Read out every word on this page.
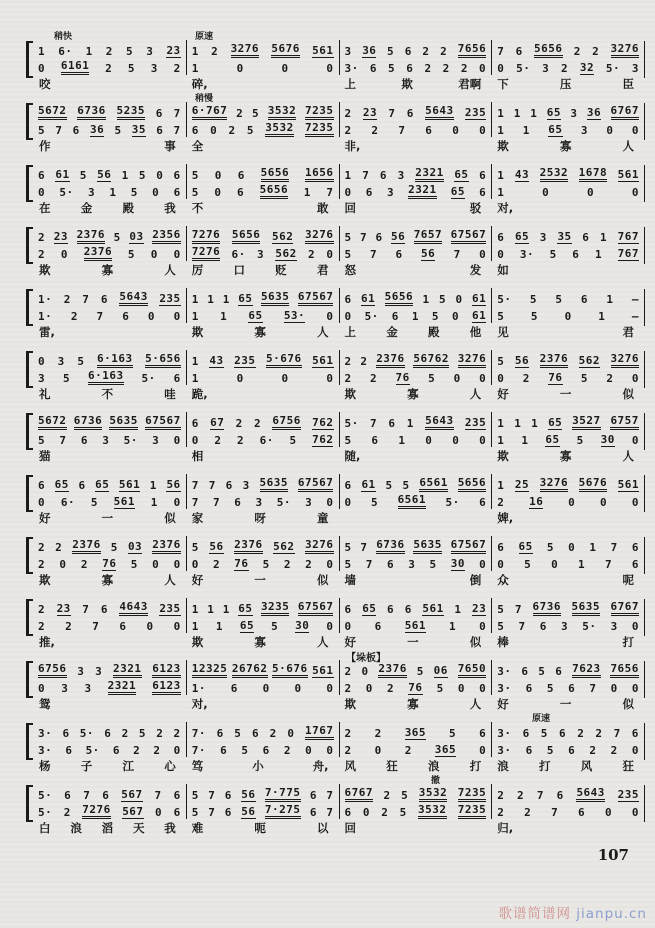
稍快	原速
1 6· 1 2 5 3 23
0 6161 2 5 3 2
咬
1 2 3276 5676 561
1	0	0	0
碎,
3 36 5 6 2 2 7656
3· 6 5 6 2 2 2 0
上	欺	君啊
7 6 5656 2 2 3276
0 5· 3 2 32 5· 3
下	压	臣
稍慢
5672 6736 5235 6 7
5 7 6 36 5 35 6 7
作	事
6·767 2 5 3532 7235
6 0 2 5 3532 7235
全
2 23 7 6 5643 235
2 2 7 6 0 0
非,
1 1 1 65 3 36 6767
1 1 65 3 0 0
欺	寡	人
6 61 5 56 1 5 0 6
0 5· 3 1 5 0 6
在	金	殿	我
5 0 6 5656 1656
5 0 6 5656 1 7
不	敢
1 7 6 3 2321 65 6
0 6 3 2321 65 6
回	驳
1 43 2532 1678 561
1	0	0	0
对,
2 23 2376 5 03 2356
2 0 2376 5 0 0
欺	寡	人
7276 5656 562 3276
7276 6· 3 562 2 0
厉	口	贬	君
5 7 6 56 7657 67567
5 7 6 56 7 0
怒	发
6 65 3 35 6 1 767
0 3· 5 6 1 767
如
1· 2 7 6 5643 235
1· 2 7 6 0 0
雷,
1 1 1 65 5635 67567
1 1 65 53· 0
欺	寡	人
6 61 5656 1 5 0 61
0 5· 6 1 5 0 61
上	金	殿	他
5· 5 5 6 1 —
5 5 0 1 —
见	君
0 3 5 6·163 5·656
3 5 6·163 5· 6
礼	不	哇
1 43 235 5·676 561
1	0	0	0
跪,
2 2 2376 56762 3276
2 2 76 5 0 0
欺	寡	人
5 56 2376 562 3276
0 2 76 5 2 0
好	一	似
5672 6736 5635 67567
5 7 6 3 5· 3 0
猫
6 67 2 2 6756 762
0 2 2 6· 5 762
相
5· 7 6 1 5643 235
5 6 1 0 0 0
随,
1 1 1 65 3527 6757
1 1 65 5 30 0
欺	寡	人
6 65 6 65 561 1 56
0 6· 5 561 1 0
好	一	似
7 7 6 3 5635 67567
7 7 6 3 5· 3 0
家	呀	童
6 61 5 5 6561 5656
0 5 6561 5· 6
1 25 3276 5676 561
2 16 0 0 0
婢,
2 2 2376 5 03 2376
2 0 2 76 5 0 0
欺	寡	人
5 56 2376 562 3276
0 2 76 5 2 2 0
好	一	似
5 7 6736 5635 67567
5 7 6 3 5 30 0
墙	倒
6 65 5 0 1 7 6
0 5 0 1 7 6
众	呢
2 23 7 6 4643 235
2 2 7 6 0 0
推,
1 1 1 65 3235 67567
1 1 65 5 30 0
欺	寡	人
6 65 6 6 561 1 23
0 6 561 1 0
好	一	似
5 7 6736 5635 6767
5 7 6 3 5· 3 0
棒	打
【垛板】
6756 3 3 2321 6123
0 3 3 2321 6123
鸳
12325 26762 5·676 561
1· 6 0 0 0
对,
2 0 2376 5 06 7650
2 0 2 76 5 0 0
欺	寡	人
3· 6 5 6 7623 7656
3· 6 5 6 7 0 0
好	一	似
原速
3· 6 5· 6 2 5 2 2
3· 6 5· 6 2 2 0
杨	子	江	心
7· 6 5 6 2 0 1767
7· 6 5 6 2 0 0
笃	小	舟,
2 2 365 5 6
2 0 2 365 0
风	狂	浪	打
3· 6 5 6 2 2 7 6
3· 6 5 6 2 2 0
浪	打	风	狂
撤
5· 6 7 6 567 7 6
5· 2 7276 567 0 6
白 浪 滔 天 我
5 7 6 56 7·775 6 7
5 7 6 56 7·275 6 7
难	呃	以
6767 2 5 3532 7235
6 0 2 5 3532 7235
回
2 2 7 6 5643 235
2 2 7 6 0 0
归,
107
歌谱简谱网 jianpu.cn
